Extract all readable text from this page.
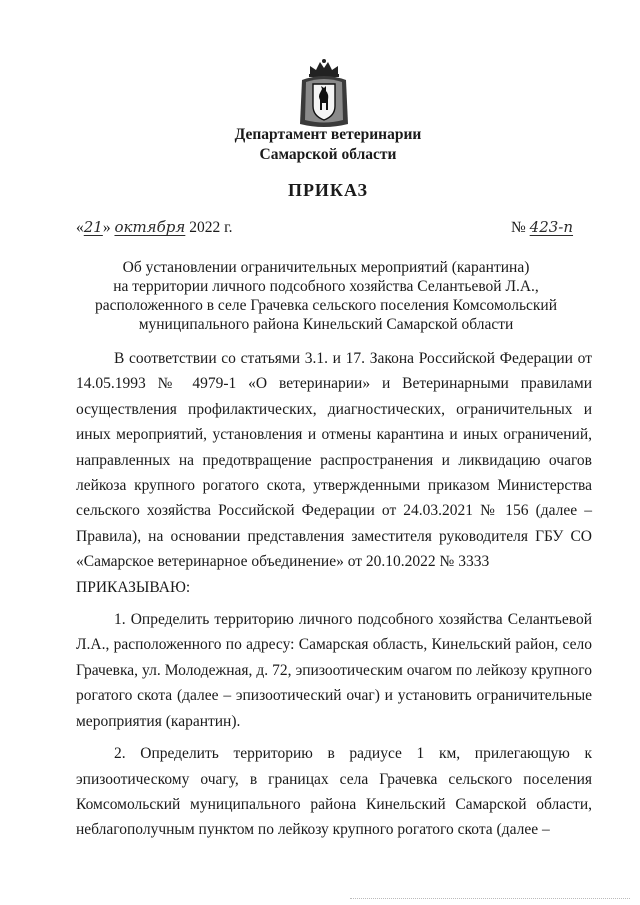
Департамент ветеринарии
Самарской области
ПРИКАЗ
«21» октября 2022 г.	№ 423-п
Об установлении ограничительных мероприятий (карантина)
на территории личного подсобного хозяйства Селантьевой Л.А.,
расположенного в селе Грачевка сельского поселения Комсомольский
муниципального района Кинельский Самарской области

В соответствии со статьями 3.1. и 17. Закона Российской Федерации от 14.05.1993 № 4979-1 «О ветеринарии» и Ветеринарными правилами осуществления профилактических, диагностических, ограничительных и иных мероприятий, установления и отмены карантина и иных ограничений, направленных на предотвращение распространения и ликвидацию очагов лейкоза крупного рогатого скота, утвержденными приказом Министерства сельского хозяйства Российской Федерации от 24.03.2021 № 156 (далее – Правила), на основании представления заместителя руководителя ГБУ СО «Самарское ветеринарное объединение» от 20.10.2022 № 3333

ПРИКАЗЫВАЮ:

1. Определить территорию личного подсобного хозяйства Селантьевой Л.А., расположенного по адресу: Самарская область, Кинельский район, село Грачевка, ул. Молодежная, д. 72, эпизоотическим очагом по лейкозу крупного рогатого скота (далее – эпизоотический очаг) и установить ограничительные мероприятия (карантин).

2. Определить территорию в радиусе 1 км, прилегающую к эпизоотическому очагу, в границах села Грачевка сельского поселения Комсомольский муниципального района Кинельский Самарской области, неблагополучным пунктом по лейкозу крупного рогатого скота (далее –
